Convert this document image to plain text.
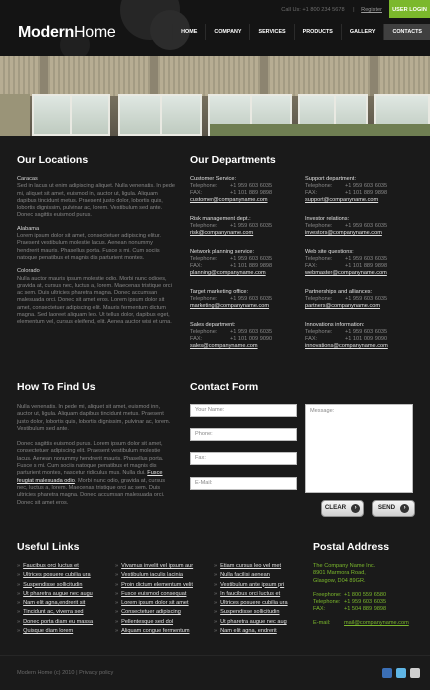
ModernHome
Call Us: +1 800 234 5678 | Register	USER LOGIN
HOME	COMPANY	SERVICES	PRODUCTS	GALLERY	CONTACTS
Our Locations

Caracas
Sed in lacus ut enim adipiscing aliquet. Nulla venenatis. In pede mi, aliquet sit amet, euismod in, auctor ut, ligula. Aliquam dapibus tincidunt metus. Praesent justo dolor, lobortis quis, lobortis dignissim, pulvinar ac, lorem. Vestibulum sed ante. Donec sagittis euismod purus.

Alabama
Lorem ipsum dolor sit amet, consectetuer adipiscing elitur. Praesent vestibulum molestie lacus. Aenean nonummy hendrerit mauris. Phasellus porta. Fusce s mi. Cum sociis natoque penatibus et magnis dis parturient montes.

Colorado
Nulla auctor mauris ipsum molestie odio. Morbi nunc odioes, gravida at, cursus nec, luctus a, lorem. Maecenas tristique orci ac sem. Duis ultricies pharetra magna. Donec accumsan malesuada orci. Donec sit amet eros. Lorem ipsum dolor sit amet, consectetuer adipiscing elit. Mauris fermentum dictum magna. Sed laoreet aliquam leo. Ut tellus dolor, dapibus eget, elementum vel, cursus eleifend, elit. Aenea auctor wisi et urna.

Our Departments
Customer Service:
Telephone:	+1 959 603 6035
FAX:	+1 101 889 9898
customer@companyname.com
Risk management dept.:
Telephone:	+1 959 603 6035
risk@companyname.com
Network planning service:
Telephone:	+1 959 603 6035
FAX:	+1 101 889 9898
planning@companyname.com
Target marketing office:
Telephone:	+1 959 603 6035
marketing@companyname.com
Sales department:
Telephone:	+1 959 603 6035
FAX:	+1 101 009 9090
sales@companyname.com
Support department:
Telephone:	+1 959 603 6035
FAX:	+1 101 889 9898
support@companyname.com
Investor relations:
Telephone:	+1 959 603 6035
investors@companyname.com
Web site questions:
Telephone:	+1 959 603 6035
FAX:	+1 101 889 9898
webmaster@companyname.com
Partnerships and alliances:
Telephone:	+1 959 603 6035
partners@companyname.com
Innovations information:
Telephone:	+1 959 603 6035
FAX:	+1 101 009 9090
innovations@companyname.com
How To Find Us

Nulla venenatis. In pede mi, aliquet sit amet, euismod inn, auctor ut, ligula. Aliquam dapibus tincidunt metus. Praesent justo dolor, lobortis quis, lobortis dignissim, pulvinar ac, lorem. Vestibulum sed ante.

Donec sagittis euismod purus. Lorem ipsum dolor sit amet, consectetuer adipiscing elit. Praesent vestibulum molestie lacus. Aenean nonummy hendrerit mauris. Phasellus porta. Fusce s mi. Cum sociis natoque penatibus et magnis dis parturient montes, nascetur ridiculus mus. Nulla dui. Fusce feugiat malesuada odio. Morbi nunc odio, gravida at, cursus nec, luctus a, lorem. Maecenas tristique orci ac sem. Duis ultricies pharetra magna. Donec accumsan malesuada orci. Donec sit amet eros.

Contact Form
Your Name:
Phone:
Fax:
E-Mail:
Message:
CLEAR	›	SEND	›
Useful Links
» Faucibus orci luctus et
» Ultrices posuere cubilia ura
» Suspendisse sollicitudin
» Ut pharetra augue nec augu
» Nam elit agna,endrerit sit
» Tincidunt ac, viverra sed
» Donec porta diam eu massa
» Quisque diam lorem
» Vivamus invelit vel ipsum aur
» Vestibulum iaculis lacinia
» Proin dictum elementum velit
» Fusce euismod consequat
» Lorem ipsum dolor sit amet
» Consectetuer adipiscing
» Pellentesque sed dol
» Aliquam congue fermentum
» Etiam cursus leo vel met
» Nulla facilisi aenean
» Vestibulum ante ipsum pri
» In faucibus orci luctus et
» Ultrices posuere cubilia ura
» Suspendisse sollicitudin
» Ut pharetra augue nec aug
» Nam elit agna, endrerit
Postal Address
The Company Name Inc.
8901 Marmora Road,
Glasgow, D04 89GR.
Freephone: +1 800 559 6580
Telephone: +1 959 603 6035
FAX:	+1 504 889 9898
E-mail:	mail@companyname.com
Modern Home (c) 2010 | Privacy policy
